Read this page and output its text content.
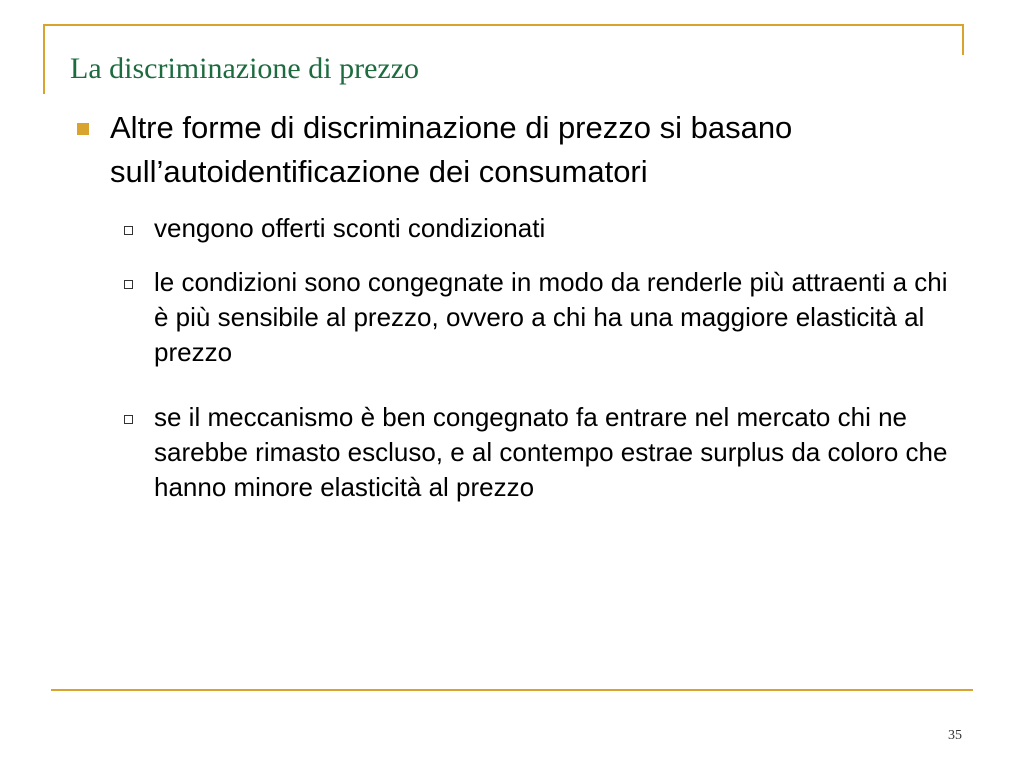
La discriminazione di prezzo

Altre forme di discriminazione di prezzo si basano sull’autoidentificazione dei consumatori

vengono offerti sconti condizionati

le condizioni sono congegnate in modo da renderle più attraenti a chi è più sensibile al prezzo, ovvero a chi ha una maggiore elasticità al prezzo

se il meccanismo è ben congegnato fa entrare nel mercato chi ne sarebbe rimasto escluso, e al contempo estrae surplus da coloro che hanno minore elasticità al prezzo

35
